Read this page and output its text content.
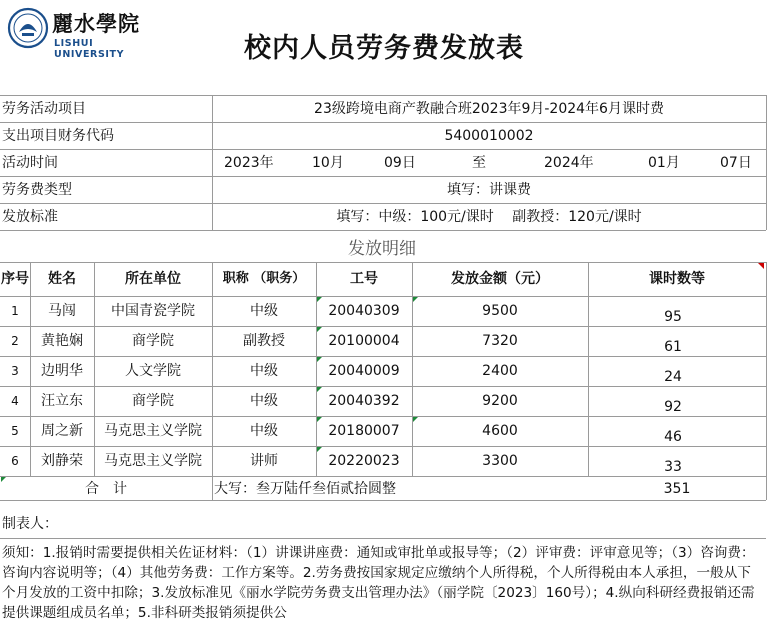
麗水學院
LISHUI UNIVERSITY	校内人员劳务费发放表
劳务活动项目	23级跨境电商产教融合班2023年9月-2024年6月课时费
支出项目财务代码	5400010002
活动时间	2023年	10月	09日	至	2024年	01月	07日
劳务费类型	填写：讲课费
发放标准	填写：中级：100元/课时　 副教授：120元/课时
发放明细
序号	姓名	所在单位	职称 （职务）	工号	发放金额（元）	课时数等
1	马闯	中国青瓷学院	中级	20040309	9500	95
2	黄艳娴	商学院	副教授	20100004	7320	61
3	边明华	人文学院	中级	20040009	2400	24
4	汪立东	商学院	中级	20040392	9200	92
5	周之新	马克思主义学院	中级	20180007	4600	46
6	刘静荣	马克思主义学院	讲师	20220023	3300	33
合　计	大写：叁万陆仟叁佰贰拾圆整	351
制表人：
须知：1.报销时需要提供相关佐证材料：（1）讲课讲座费：通知或审批单或报导等；（2）评审费：评审意见等；（3）咨询费：咨询内容说明等；（4）其他劳务费：工作方案等。2.劳务费按国家规定应缴纳个人所得税，个人所得税由本人承担，一般从下个月发放的工资中扣除；3.发放标准见《丽水学院劳务费支出管理办法》（丽学院〔2023〕160号）；4.纵向科研经费报销还需提供课题组成员名单；5.非科研类报销须提供公
